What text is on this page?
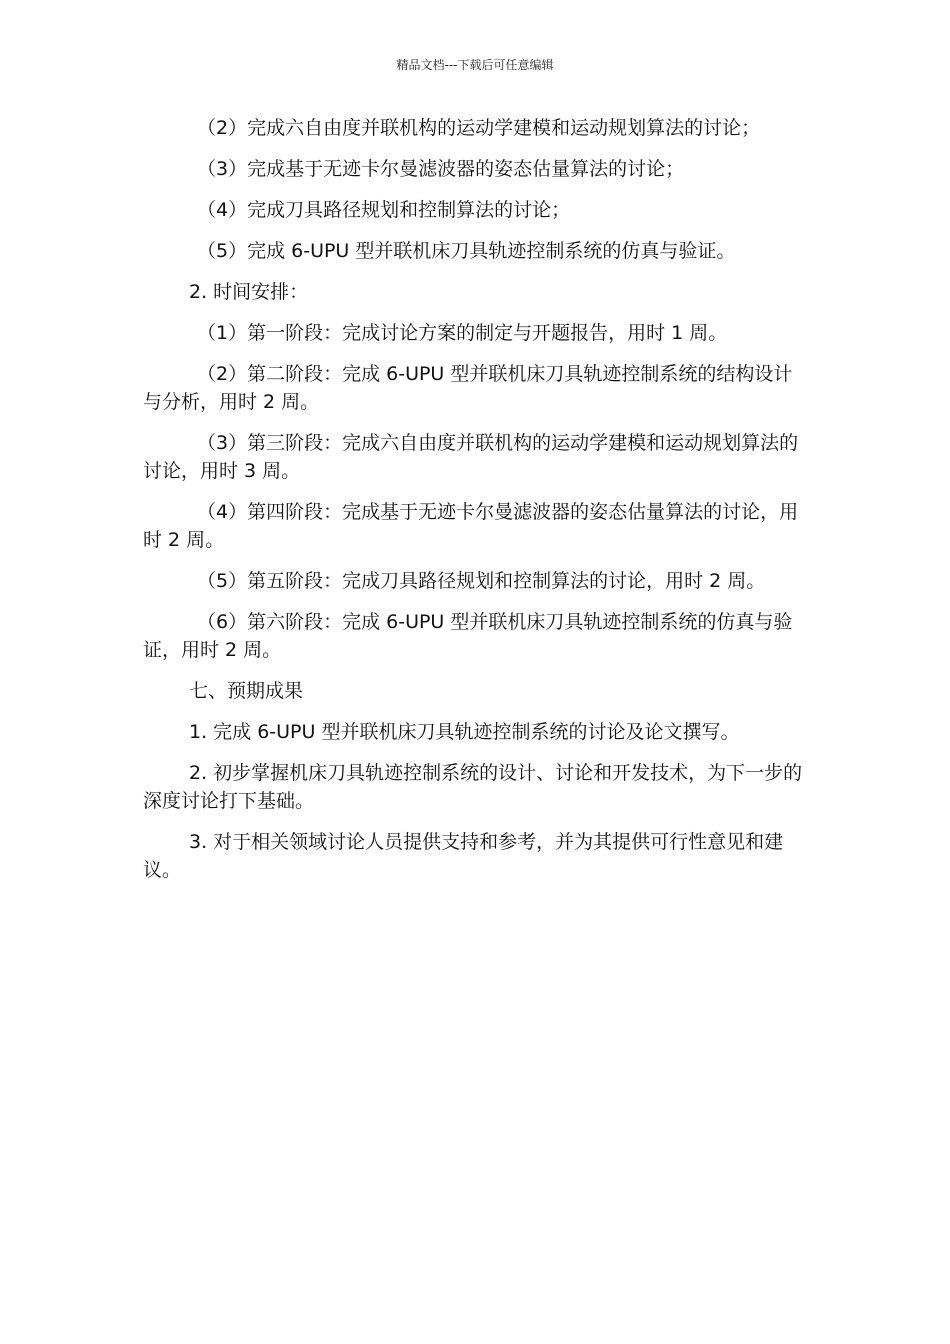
精品文档---下载后可任意编辑

（2）完成六自由度并联机构的运动学建模和运动规划算法的讨论；

（3）完成基于无迹卡尔曼滤波器的姿态估量算法的讨论；

（4）完成刀具路径规划和控制算法的讨论；

（5）完成 6-UPU 型并联机床刀具轨迹控制系统的仿真与验证。

2. 时间安排：

（1）第一阶段：完成讨论方案的制定与开题报告，用时 1 周。

（2）第二阶段：完成 6-UPU 型并联机床刀具轨迹控制系统的结构设计与分析，用时 2 周。

（3）第三阶段：完成六自由度并联机构的运动学建模和运动规划算法的讨论，用时 3 周。

（4）第四阶段：完成基于无迹卡尔曼滤波器的姿态估量算法的讨论，用时 2 周。

（5）第五阶段：完成刀具路径规划和控制算法的讨论，用时 2 周。

（6）第六阶段：完成 6-UPU 型并联机床刀具轨迹控制系统的仿真与验证，用时 2 周。

七、预期成果

1. 完成 6-UPU 型并联机床刀具轨迹控制系统的讨论及论文撰写。

2. 初步掌握机床刀具轨迹控制系统的设计、讨论和开发技术，为下一步的深度讨论打下基础。

3. 对于相关领域讨论人员提供支持和参考，并为其提供可行性意见和建议。
